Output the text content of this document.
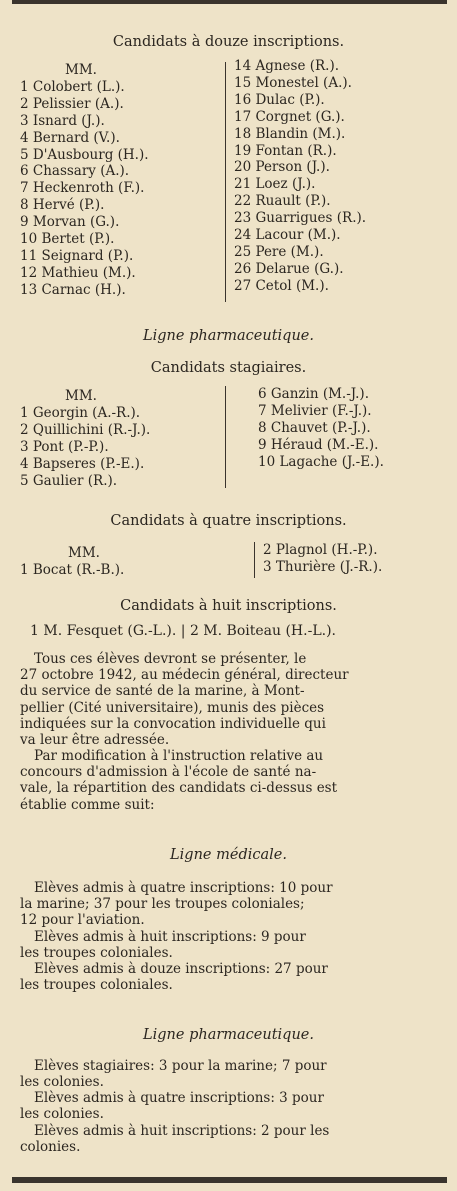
Candidats à douze inscriptions.
MM.
1 Colobert (L.).
2 Pelissier (A.).
3 Isnard (J.).
4 Bernard (V.).
5 D'Ausbourg (H.).
6 Chassary (A.).
7 Heckenroth (F.).
8 Hervé (P.).
9 Morvan (G.).
10 Bertet (P.).
11 Seignard (P.).
12 Mathieu (M.).
13 Carnac (H.).
14 Agnese (R.).
15 Monestel (A.).
16 Dulac (P.).
17 Corgnet (G.).
18 Blandin (M.).
19 Fontan (R.).
20 Person (J.).
21 Loez (J.).
22 Ruault (P.).
23 Guarrigues (R.).
24 Lacour (M.).
25 Pere (M.).
26 Delarue (G.).
27 Cetol (M.).
Ligne pharmaceutique.
Candidats stagiaires.
MM.
1 Georgin (A.-R.).
2 Quillichini (R.-J.).
3 Pont (P.-P.).
4 Bapseres (P.-E.).
5 Gaulier (R.).
6 Ganzin (M.-J.).
7 Melivier (F.-J.).
8 Chauvet (P.-J.).
9 Héraud (M.-E.).
10 Lagache (J.-E.).
Candidats à quatre inscriptions.
MM.
1 Bocat (R.-B.).
2 Plagnol (H.-P.).
3 Thurière (J.-R.).
Candidats à huit inscriptions.
1 M. Fesquet (G.-L.). | 2 M. Boiteau (H.-L.).
Tous ces élèves devront se présenter, le
27 octobre 1942, au médecin général, directeur
du service de santé de la marine, à Mont-
pellier (Cité universitaire), munis des pièces
indiquées sur la convocation individuelle qui
va leur être adressée.
Par modification à l'instruction relative au
concours d'admission à l'école de santé na-
vale, la répartition des candidats ci-dessus est
établie comme suit:
Ligne médicale.
Elèves admis à quatre inscriptions: 10 pour
la marine; 37 pour les troupes coloniales;
12 pour l'aviation.
Elèves admis à huit inscriptions: 9 pour
les troupes coloniales.
Elèves admis à douze inscriptions: 27 pour
les troupes coloniales.
Ligne pharmaceutique.
Elèves stagiaires: 3 pour la marine; 7 pour
les colonies.
Elèves admis à quatre inscriptions: 3 pour
les colonies.
Elèves admis à huit inscriptions: 2 pour les
colonies.
